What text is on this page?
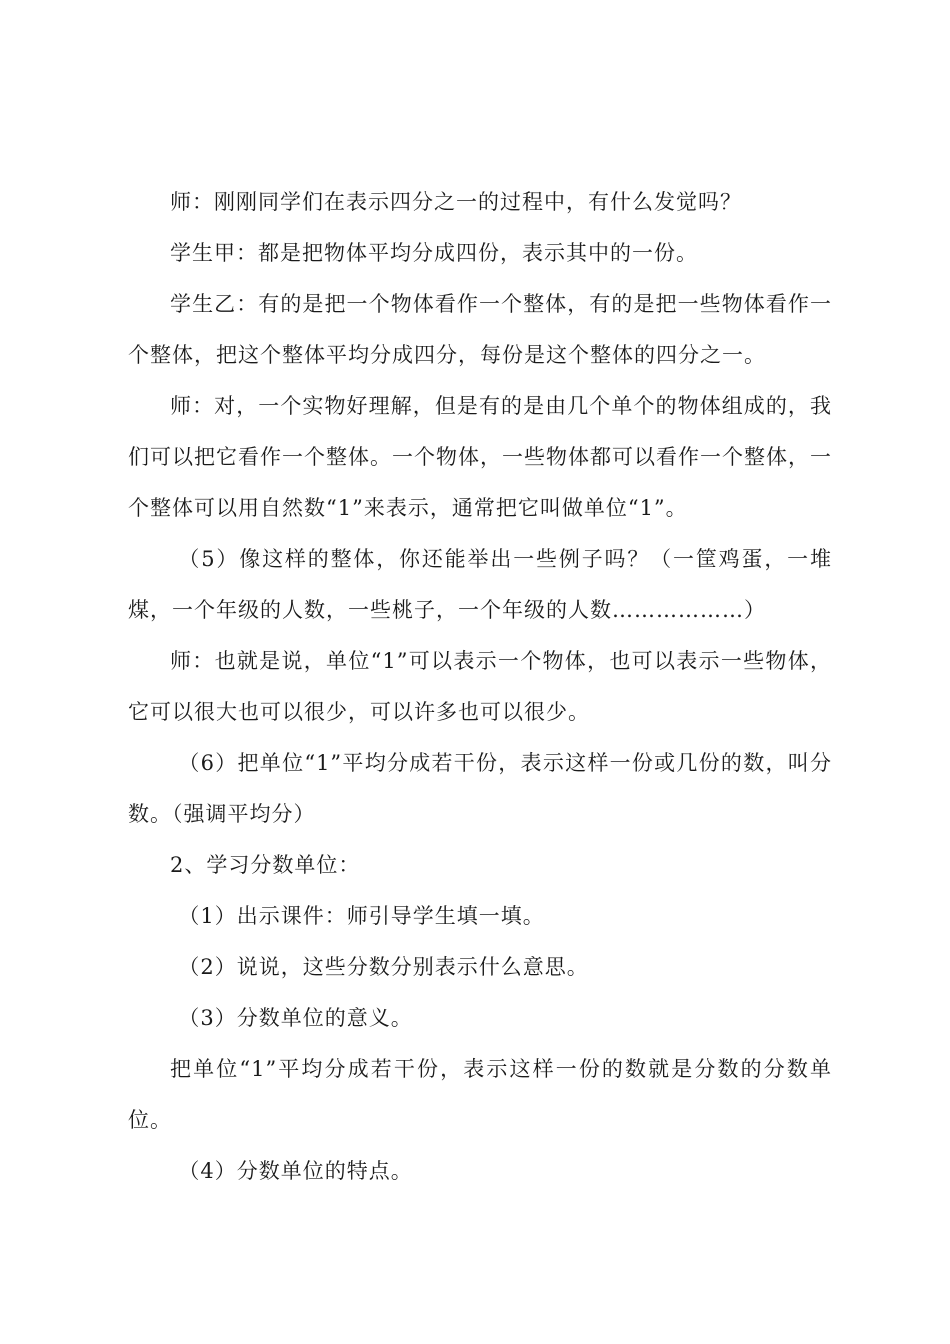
师：刚刚同学们在表示四分之一的过程中，有什么发觉吗？

学生甲：都是把物体平均分成四份，表示其中的一份。

学生乙：有的是把一个物体看作一个整体，有的是把一些物体看作一个整体，把这个整体平均分成四分，每份是这个整体的四分之一。

师：对，一个实物好理解，但是有的是由几个单个的物体组成的，我们可以把它看作一个整体。一个物体，一些物体都可以看作一个整体，一个整体可以用自然数“1”来表示，通常把它叫做单位“1”。

（5）像这样的整体，你还能举出一些例子吗？（一筐鸡蛋，一堆煤，一个年级的人数，一些桃子，一个年级的人数………………）

师：也就是说，单位“1”可以表示一个物体，也可以表示一些物体，它可以很大也可以很少，可以许多也可以很少。

（6）把单位“1”平均分成若干份，表示这样一份或几份的数，叫分数。（强调平均分）

2、学习分数单位：

（1）出示课件：师引导学生填一填。

（2）说说，这些分数分别表示什么意思。

（3）分数单位的意义。

把单位“1”平均分成若干份，表示这样一份的数就是分数的分数单位。

（4）分数单位的特点。
